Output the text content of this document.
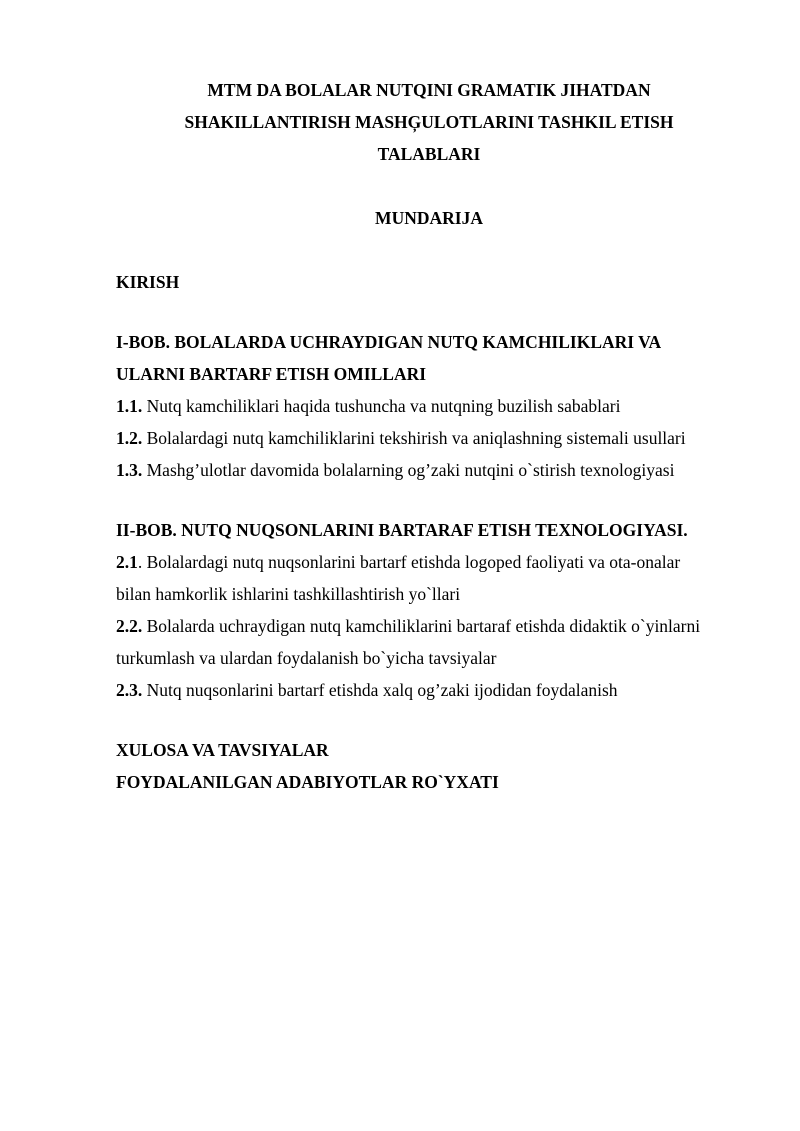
MTM DA BOLALAR NUTQINI GRAMATIK JIHATDAN
SHAKILLANTIRISH MASHĢULOTLARINI TASHKIL ETISH
TALABLARI
MUNDARIJA
KIRISH
I-BOB. BOLALARDA UCHRAYDIGAN NUTQ KAMCHILIKLARI VA
ULARNI BARTARF ETISH OMILLARI
1.1. Nutq kamchiliklari haqida tushuncha va nutqning buzilish sabablari
1.2. Bolalardagi nutq kamchiliklarini tekshirish va aniqlashning sistemali usullari
1.3. Mashg’ulotlar davomida bolalarning og’zaki nutqini o`stirish texnologiyasi
II-BOB. NUTQ NUQSONLARINI BARTARAF ETISH TEXNOLOGIYASI.
2.1. Bolalardagi nutq nuqsonlarini bartarf etishda logoped faoliyati va ota-onalar
bilan hamkorlik ishlarini tashkillashtirish yo`llari
2.2. Bolalarda uchraydigan nutq kamchiliklarini bartaraf etishda didaktik o`yinlarni
turkumlash va ulardan foydalanish bo`yicha tavsiyalar
2.3. Nutq nuqsonlarini bartarf etishda xalq og’zaki ijodidan foydalanish
XULOSA VA TAVSIYALAR
FOYDALANILGAN ADABIYOTLAR RO`YXATI
